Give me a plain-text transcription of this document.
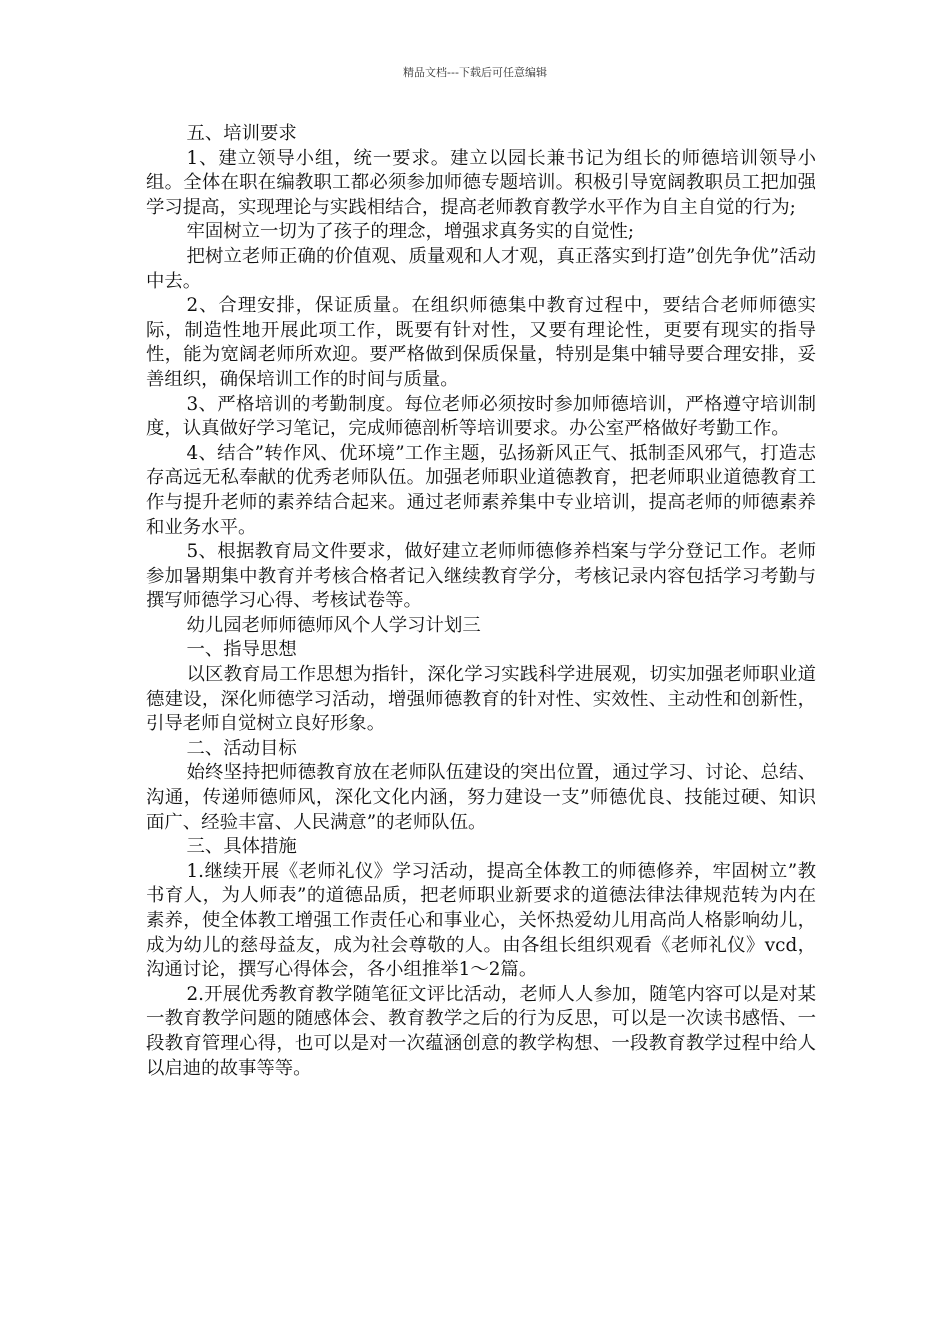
精品文档---下载后可任意编辑

五、培训要求

1、建立领导小组，统一要求。建立以园长兼书记为组长的师德培训领导小组。全体在职在编教职工都必须参加师德专题培训。积极引导宽阔教职员工把加强学习提高，实现理论与实践相结合，提高老师教育教学水平作为自主自觉的行为;

牢固树立一切为了孩子的理念，增强求真务实的自觉性;

把树立老师正确的价值观、质量观和人才观，真正落实到打造”创先争优”活动中去。

2、合理安排，保证质量。在组织师德集中教育过程中，要结合老师师德实际，制造性地开展此项工作，既要有针对性，又要有理论性，更要有现实的指导性，能为宽阔老师所欢迎。要严格做到保质保量，特别是集中辅导要合理安排，妥善组织，确保培训工作的时间与质量。

3、严格培训的考勤制度。每位老师必须按时参加师德培训，严格遵守培训制度，认真做好学习笔记，完成师德剖析等培训要求。办公室严格做好考勤工作。

4、结合”转作风、优环境”工作主题，弘扬新风正气、抵制歪风邪气，打造志存高远无私奉献的优秀老师队伍。加强老师职业道德教育，把老师职业道德教育工作与提升老师的素养结合起来。通过老师素养集中专业培训，提高老师的师德素养和业务水平。

5、根据教育局文件要求，做好建立老师师德修养档案与学分登记工作。老师参加暑期集中教育并考核合格者记入继续教育学分，考核记录内容包括学习考勤与撰写师德学习心得、考核试卷等。

幼儿园老师师德师风个人学习计划三

一、指导思想

以区教育局工作思想为指针，深化学习实践科学进展观，切实加强老师职业道德建设，深化师德学习活动，增强师德教育的针对性、实效性、主动性和创新性，引导老师自觉树立良好形象。

二、活动目标

始终坚持把师德教育放在老师队伍建设的突出位置，通过学习、讨论、总结、沟通，传递师德师风，深化文化内涵，努力建设一支”师德优良、技能过硬、知识面广、经验丰富、人民满意”的老师队伍。

三、具体措施

1.继续开展《老师礼仪》学习活动，提高全体教工的师德修养，牢固树立”教书育人，为人师表”的道德品质，把老师职业新要求的道德法律法律规范转为内在素养，使全体教工增强工作责任心和事业心，关怀热爱幼儿用高尚人格影响幼儿，成为幼儿的慈母益友，成为社会尊敬的人。由各组长组织观看《老师礼仪》vcd，沟通讨论，撰写心得体会，各小组推举1～2篇。

2.开展优秀教育教学随笔征文评比活动，老师人人参加，随笔内容可以是对某一教育教学问题的随感体会、教育教学之后的行为反思，可以是一次读书感悟、一段教育管理心得，也可以是对一次蕴涵创意的教学构想、一段教育教学过程中给人以启迪的故事等等。
